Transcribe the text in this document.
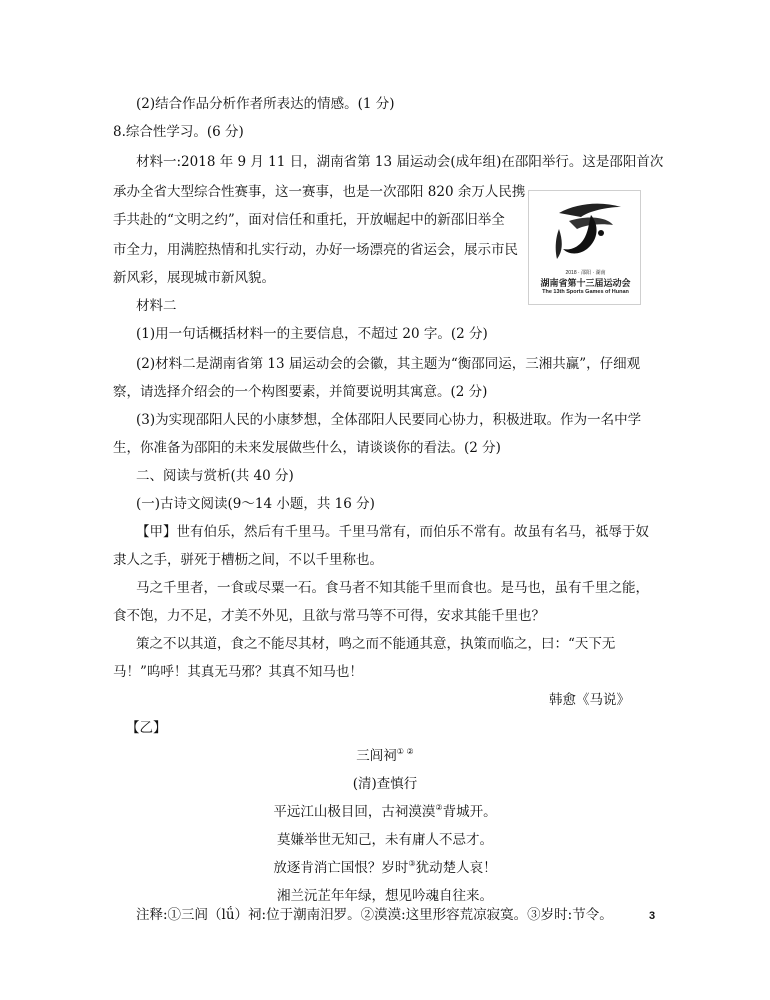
(2)结合作品分析作者所表达的情感。(1 分)
8.综合性学习。(6 分)
材料一:2018 年 9 月 11 日，湖南省第 13 届运动会(成年组)在邵阳举行。这是邵阳首次
承办全省大型综合性赛事，这一赛事，也是一次邵阳 820 余万人民携
手共赴的“文明之约”，面对信任和重托，开放崛起中的新邵旧举全
市全力，用满腔热情和扎实行动，办好一场漂亮的省运会，展示市民
新风彩，展现城市新风貌。	2018 · 邵阳 · 湖南
湖南省第十三届运动会
The 13th Sports Games of Hunan
材料二
(1)用一句话概括材料一的主要信息，不超过 20 字。(2 分)
(2)材料二是湖南省第 13 届运动会的会徽，其主题为“衡邵同运，三湘共赢”，仔细观
察，请选择介绍会的一个构图要素，并简要说明其寓意。(2 分)
(3)为实现邵阳人民的小康梦想，全体邵阳人民要同心协力，积极进取。作为一名中学
生，你准备为邵阳的未来发展做些什么，请谈谈你的看法。(2 分)
二、阅读与赏析(共 40 分)
(一)古诗文阅读(9～14 小题，共 16 分)
【甲】世有伯乐，然后有千里马。千里马常有，而伯乐不常有。故虽有名马，祗辱于奴
隶人之手，骈死于槽枥之间，不以千里称也。
马之千里者，一食或尽粟一石。食马者不知其能千里而食也。是马也，虽有千里之能，
食不饱，力不足，才美不外见，且欲与常马等不可得，安求其能千里也？
策之不以其道，食之不能尽其材，鸣之而不能通其意，执策而临之，曰：“天下无
马！”呜呼！其真无马邪？其真不知马也！
韩愈《马说》
【乙】
三闾祠① ②
(清)查慎行
平远江山极目回，古祠漠漠②背城开。
莫嫌举世无知己，未有庸人不忌才。
放逐肯消亡国恨？岁时③犹动楚人哀！
湘兰沅芷年年绿，想见吟魂自往来。
注释:①三闾（lǘ）祠:位于潮南汨罗。②漠漠:这里形容荒凉寂寞。③岁时:节令。	3
